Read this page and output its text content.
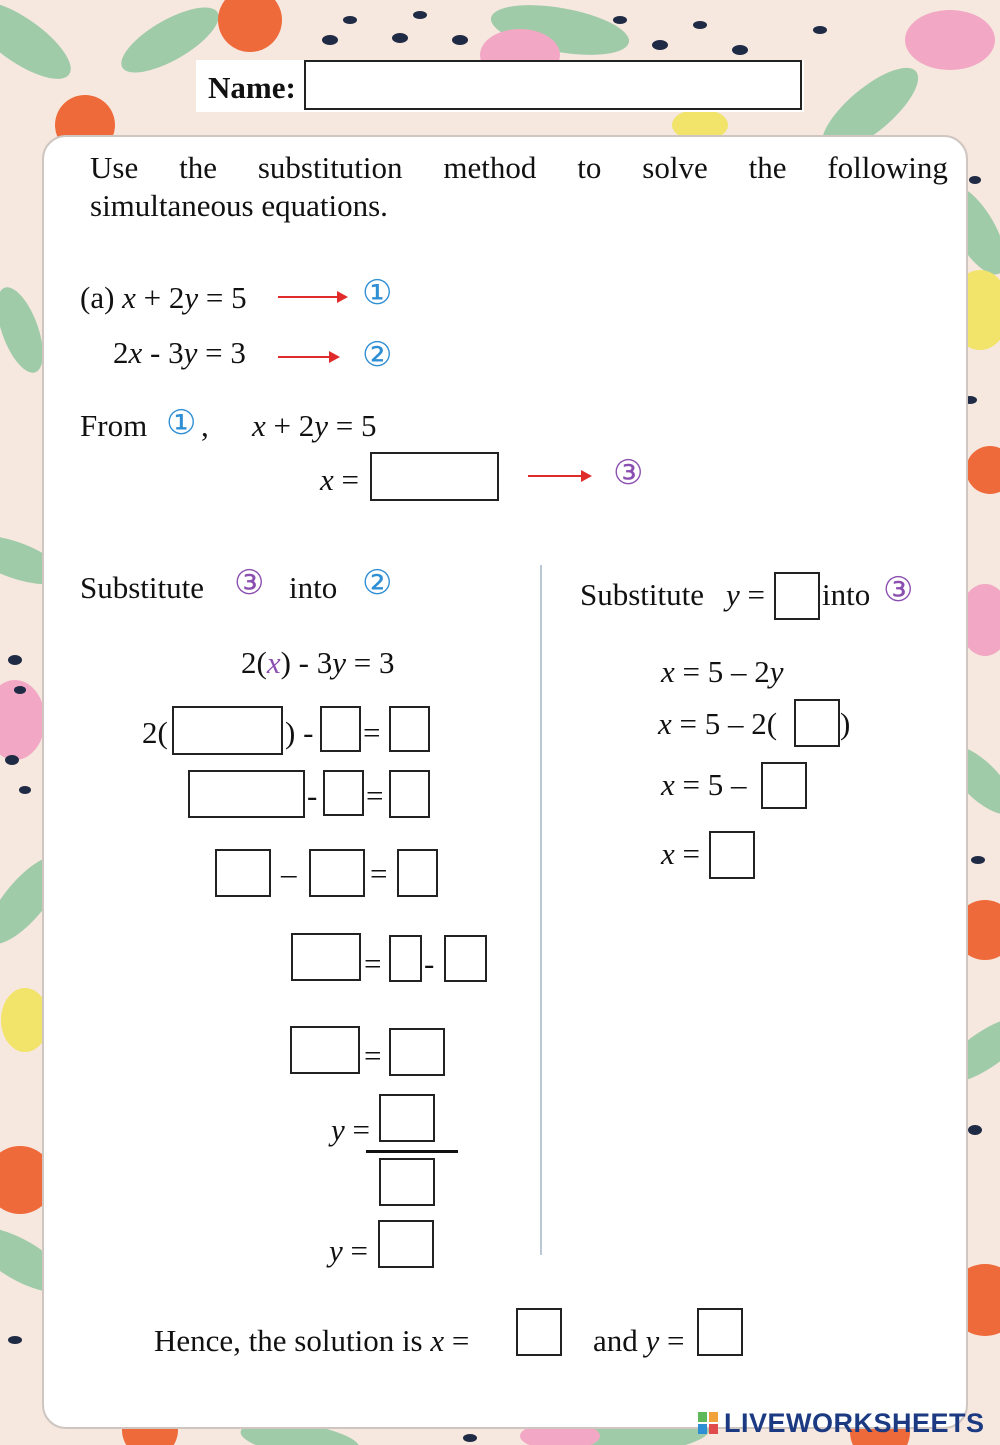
Name:
Use the substitution method to solve the following
simultaneous equations.
(a) x + 2y = 5	①
2x - 3y = 3	②
From ① , x + 2y = 5
x =	③
Substitute ③ into ②
2(x) - 3y = 3
2(	) - =
- =
– =
= -
=
y =
y =
Substitute y = into ③
x = 5 – 2y
x = 5 – 2( )
x = 5 –
x =
Hence, the solution is x =	and y =
LIVEWORKSHEETS
